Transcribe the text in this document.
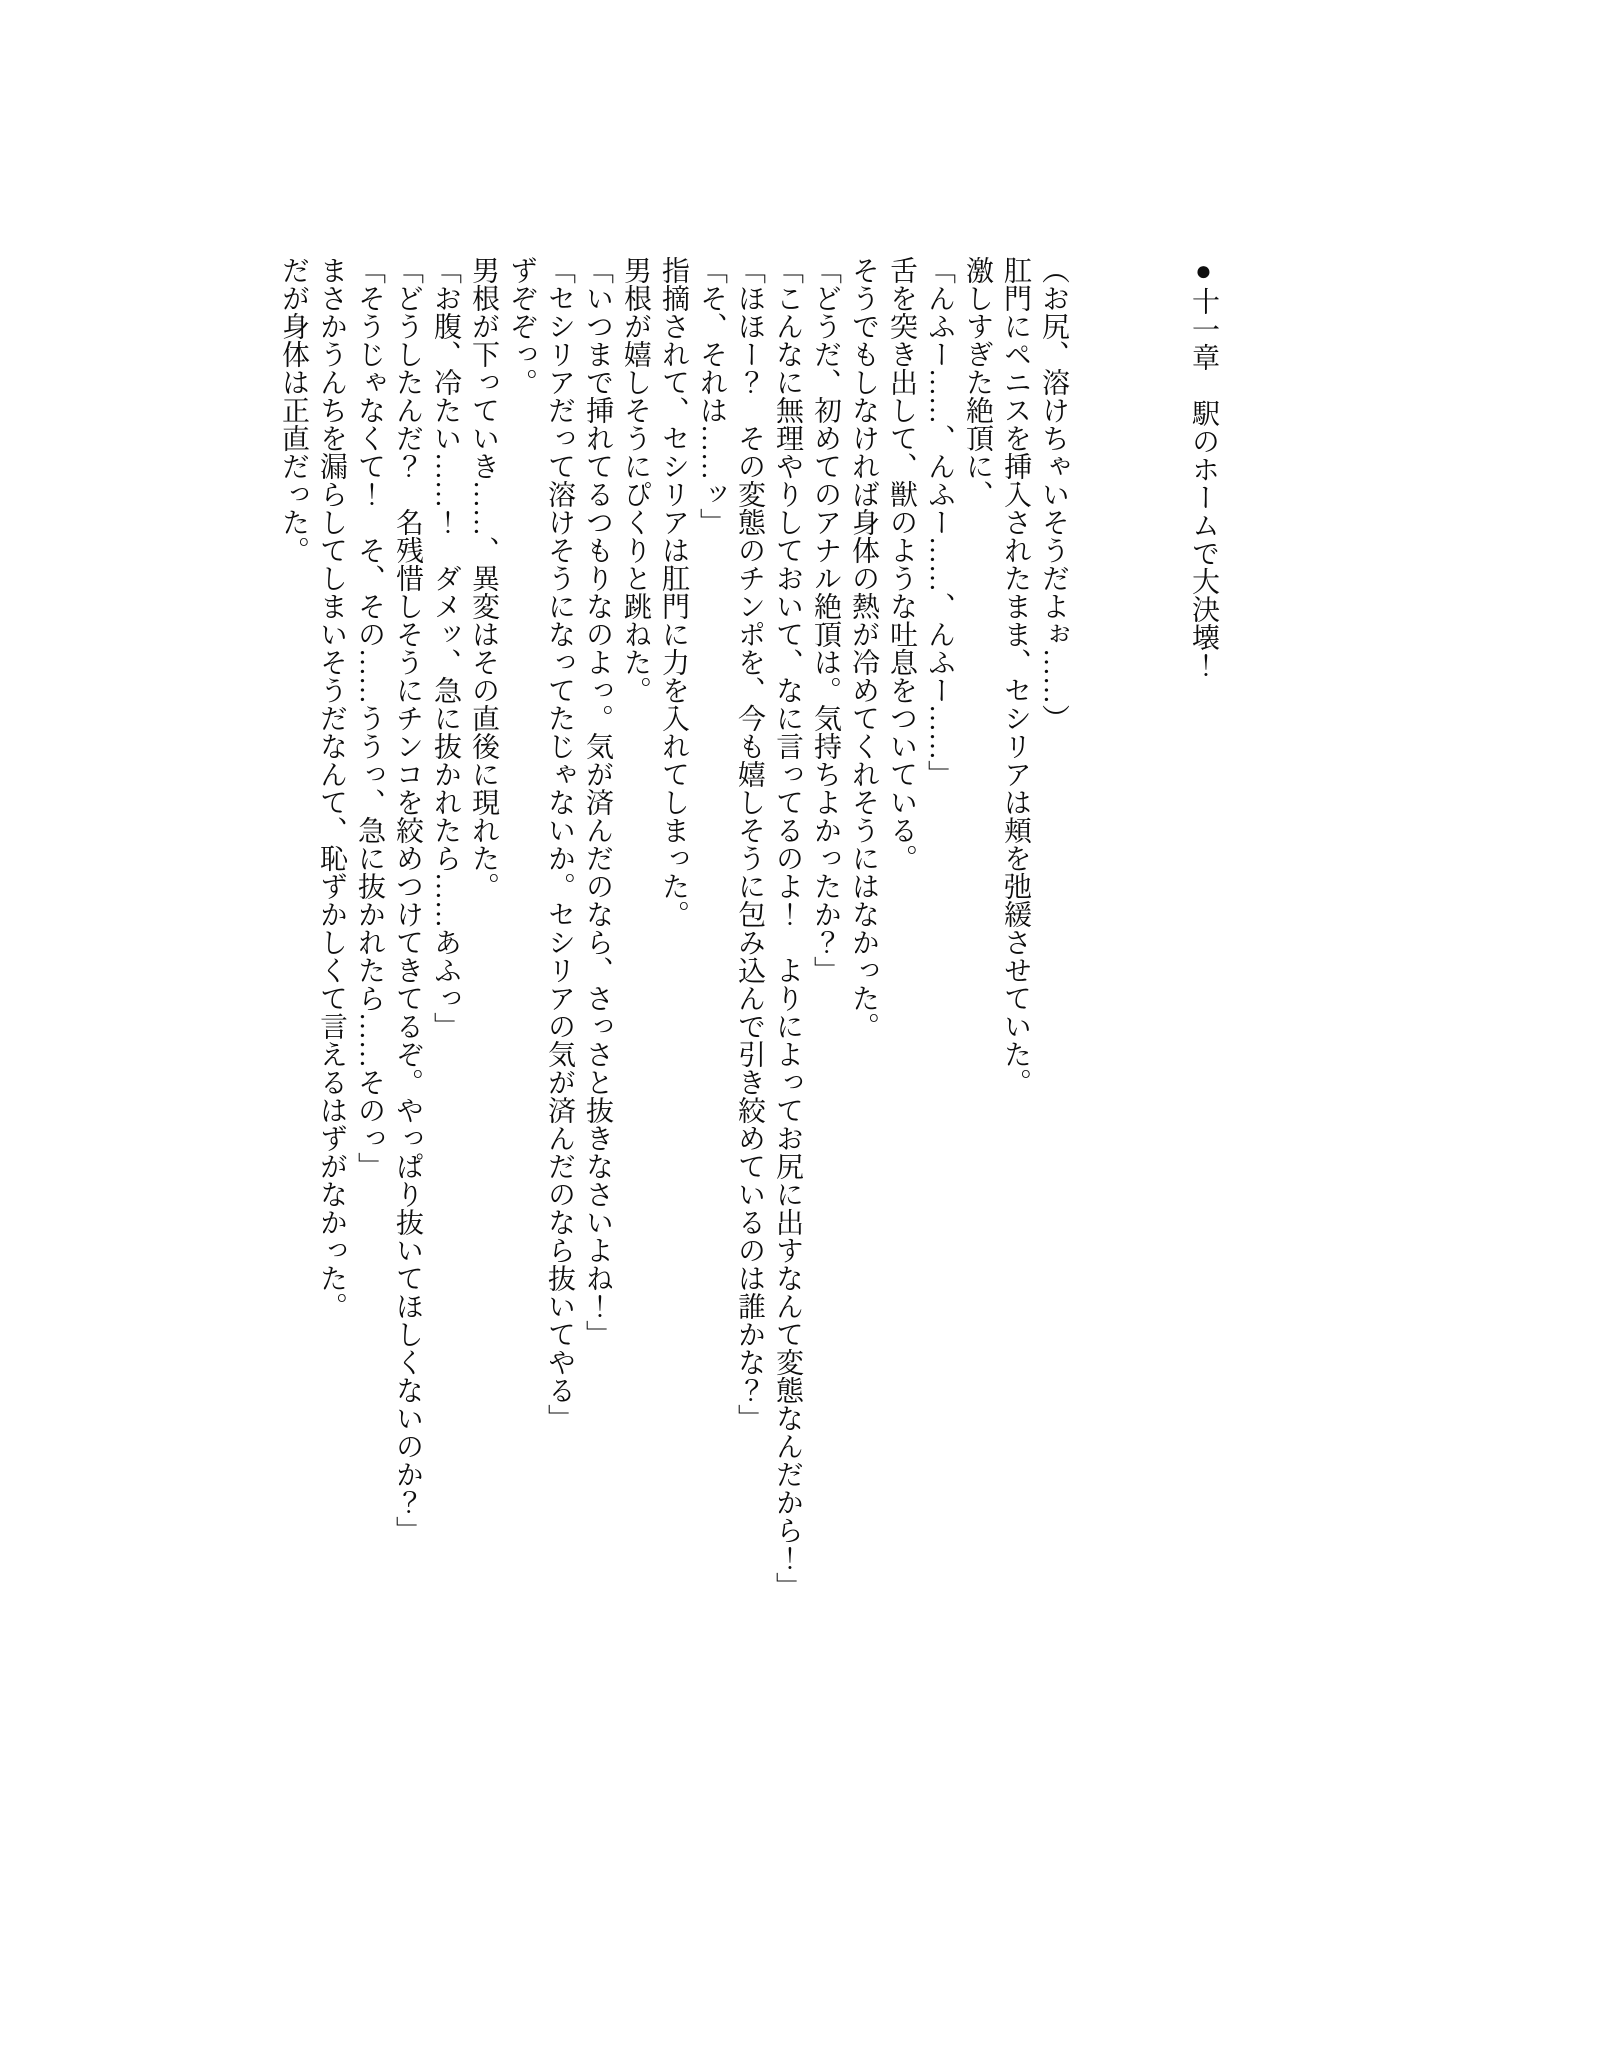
●十一章　駅のホームで大決壊！

（お尻、溶けちゃいそうだよぉ……）

肛門にペニスを挿入されたまま、セシリアは頬を弛緩させていた。

激しすぎた絶頂に、

「んふー……、んふー……、んふー……」

舌を突き出して、獣のような吐息をついている。

そうでもしなければ身体の熱が冷めてくれそうにはなかった。

「どうだ、初めてのアナル絶頂は。気持ちよかったか？」

「こんなに無理やりしておいて、なに言ってるのよ！　よりによってお尻に出すなんて変態なんだから！」

「ほほー？　その変態のチンポを、今も嬉しそうに包み込んで引き絞めているのは誰かな？」

「そ、それは……ッ」

指摘されて、セシリアは肛門に力を入れてしまった。

男根が嬉しそうにぴくりと跳ねた。

「いつまで挿れてるつもりなのよっ。気が済んだのなら、さっさと抜きなさいよね！」

「セシリアだって溶けそうになってたじゃないか。セシリアの気が済んだのなら抜いてやる」

ずぞぞっ。

男根が下っていき……、異変はその直後に現れた。

「お腹、冷たい……！　ダメッ、急に抜かれたら……あふっ」

「どうしたんだ？　名残惜しそうにチンコを絞めつけてきてるぞ。やっぱり抜いてほしくないのか？」

「そうじゃなくて！　そ、その……ううっ、急に抜かれたら……そのっ」

まさかうんちを漏らしてしまいそうだなんて、恥ずかしくて言えるはずがなかった。

だが身体は正直だった。
